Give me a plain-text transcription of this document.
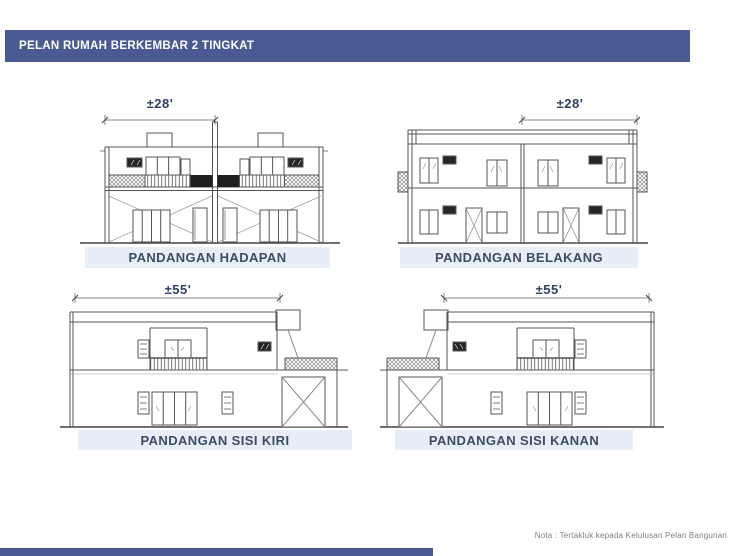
PELAN RUMAH BERKEMBAR 2 TINGKAT
±28'
PANDANGAN HADAPAN
±28'
PANDANGAN BELAKANG
±55'
PANDANGAN SISI KIRI
±55'
PANDANGAN SISI KANAN
Nota : Tertakluk kepada Kelulusan Pelan Bangunan
